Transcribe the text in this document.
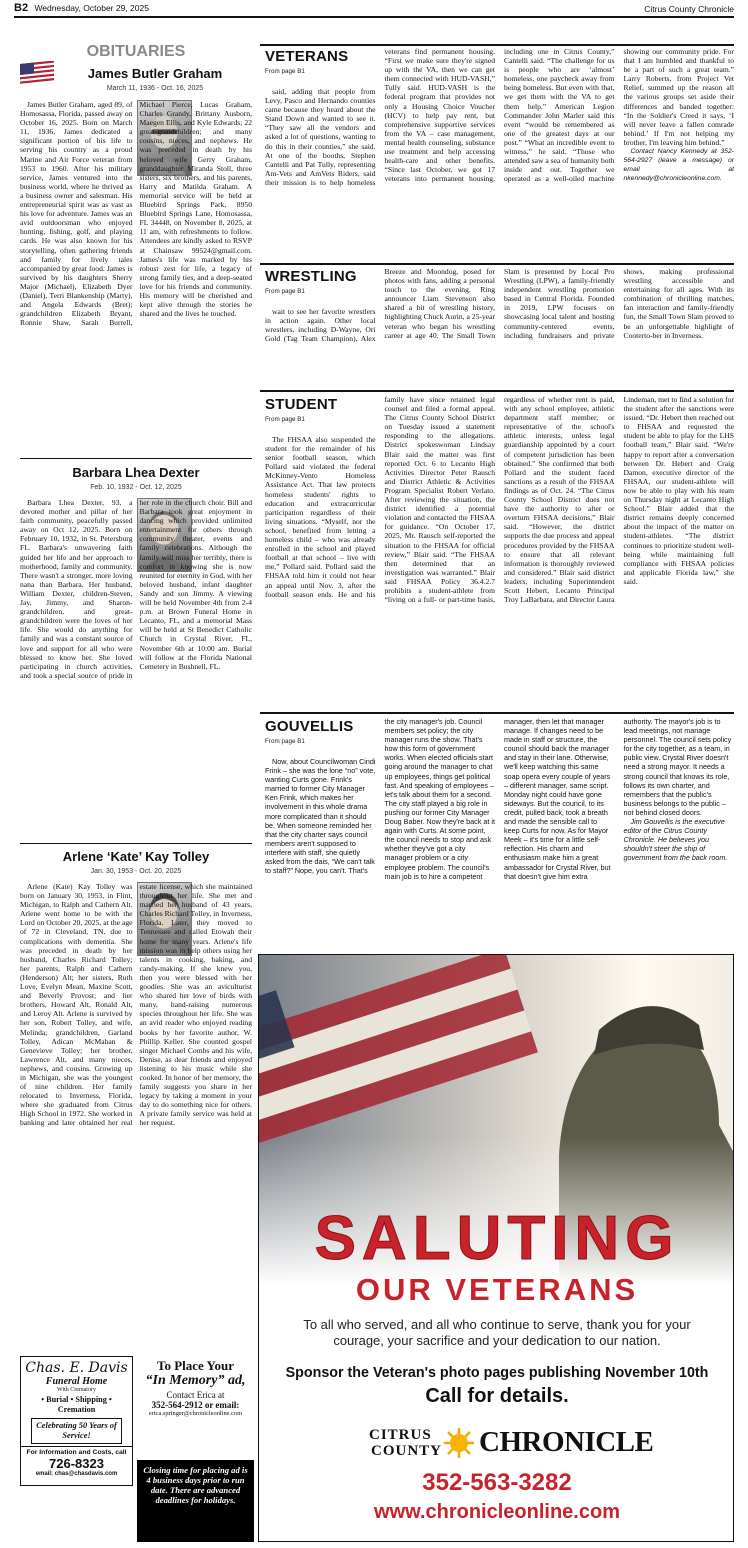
B2 Wednesday, October 29, 2025	Citrus County Chronicle
OBITUARIES
James Butler Graham
March 11, 1936 - Oct. 16, 2025

James Butler Graham, aged 89, of Homosassa, Florida, passed away on October 16, 2025. Born on March 11, 1936, James dedicated a significant portion of his life to serving his country as a proud Marine and Air Force veteran from 1953 to 1960. After his military service, James ventured into the business world, where he thrived as a business owner and salesman. His entrepreneurial spirit was as vast as his love for adventure. James was an avid outdoorsman who enjoyed hunting, fishing, golf, and playing cards. He was also known for his storytelling, often gathering friends and family for lively tales accompanied by great food. James is survived by his daughters Sherry Major (Michael), Elizabeth Dyer (Daniel), Terri Blankenship (Marty), and Angela Edwards (Bret); grandchildren Elizabeth Bryant, Ronnie Shaw, Sarah Burrell, Michael Pierce, Lucas Graham, Charles Grandy, Brittany Ausborn, Maegen Ellis, and Kyle Edwards; 22 great-grandchildren; and many cousins, nieces, and nephews. He was preceded in death by his beloved wife Gerry Graham, granddaughter Miranda Stoll, three sisters, six brothers, and his parents, Harry and Matilda Graham. A memorial service will be held at Bluebird Springs Park, 8950 Bluebird Springs Lane, Homosassa, FL 34448, on November 8, 2025, at 11 am, with refreshments to follow. Attendees are kindly asked to RSVP at Chainsaw 99524@gmail.com. James's life was marked by his robust zest for life, a legacy of strong family ties, and a deep-seated love for his friends and community. His memory will be cherished and kept alive through the stories he shared and the lives he touched.

Barbara Lhea Dexter
Feb. 10, 1932 - Oct. 12, 2025

Barbara Lhea Dexter, 93, a devoted mother and pillar of her faith community, peacefully passed away on Oct 12, 2025. Born on February 10, 1932, in St. Petersburg FL. Barbara's unwavering faith guided her life and her approach to motherhood, family and community. There wasn't a stronger, more loving nana than Barbara. Her husband, William Dexter, children-Steven, Jay, Jimmy, and Sharon-grandchildren, and great-grandchildren were the loves of her life. She would do anything for family and was a constant source of love and support for all who were blessed to know her. She loved participating in church activities, and took a special source of pride in her role in the church choir. Bill and Barbara took great enjoyment in dancing which provided unlimited entertainment for others through community theater, events and family celebrations. Although the family will miss her terribly, there is comfort in knowing she is now reunited for eternity in God, with her beloved husband, infant daughter Sandy and son Jimmy. A viewing will be held November 4th from 2-4 p.m. at Brown Funeral Home in Lecanto, FL, and a memorial Mass will be held at St Benedict Catholic Church in Crystal River, FL, November 6th at 10:00 am. Burial will follow at the Florida National Cemetery in Bushnell, FL.

Arlene ‘Kate’ Kay Tolley
Jan. 30, 1953 - Oct. 20, 2025

Arlene (Kate) Kay Tolley was born on January 30, 1953, in Flint, Michigan, to Ralph and Cathern Alt. Arlene went home to be with the Lord on October 20, 2025, at the age of 72 in Cleveland, TN, due to complications with dementia. She was preceded in death by her husband, Charles Richard Tolley; her parents, Ralph and Cathern (Henderson) Alt; her sisters, Ruth Love, Evelyn Mean, Maxine Scott, and Beverly Provost; and her brothers, Howard Alt, Ronald Alt, and Leroy Alt. Arlene is survived by her son, Robert Tolley, and wife, Melinda; grandchildren, Garland Tolley, Adican McMahan & Genevieve Tolley; her brother, Lawrence Alt, and many nieces, nephews, and cousins. Growing up in Michigan, she was the youngest of nine children. Her family relocated to Inverness, Florida, where she graduated from Citrus High School in 1972. She worked in banking and later obtained her real estate license, which she maintained throughout her life. She met and married her husband of 43 years, Charles Richard Tolley, in Inverness, Florida. Later, they moved to Tennessee and called Etowah their home for many years. Arlene's life mission was to help others using her talents in cooking, baking, and candy-making. If she knew you, then you were blessed with her goodies. She was an aviculturist who shared her love of birds with many, hand-raising numerous species throughout her life. She was an avid reader who enjoyed reading books by her favorite author, W. Phillip Keller. She counted gospel singer Michael Combs and his wife, Denise, as dear friends and enjoyed listening to his music while she cooked. In honor of her memory, the family suggests you share in her legacy by taking a moment in your day to do something nice for others. A private family service was held at her request.

To Place Your
“In Memory” ad,
Contact Erica at
352-564-2912 or email:
erica.springer@chronicleonline.com
Closing time for placing ad is 4 business days prior to run date. There are advanced deadlines for holidays.
Chas. E. Davis
Funeral Home
With Crematory
• Burial • Shipping • Cremation
Celebrating 50 Years of Service!
For Information and Costs, call
726-8323
email: chas@chasdavis.com
VETERANS
From page B1

said, adding that people from Levy, Pasco and Hernando counties came because they heard about the Stand Down and wanted to see it. “They saw all the vendors and asked a lot of questions, wanting to do this in their counties,” she said. At one of the booths, Stephen Cantelli and Pat Tully, representing Am-Vets and AmVets Riders, said their mission is to help homeless veterans find permanent housing. “First we make sure they're signed up with the VA, then we can get them connected with HUD-VASH,” Tully said. HUD-VASH is the federal program that provides not only a Housing Choice Voucher (HCV) to help pay rent, but comprehensive supportive services from the VA – case management, mental health counseling, substance use treatment and help accessing health-care and other benefits. “Since last October, we got 17 veterans into permanent housing, including one in Citrus County,” Cantelli said. “The challenge for us is people who are ‘almost’ homeless, one paycheck away from being homeless. But even with that, we get them with the VA to get them help.” American Legion Commander John Marler said this event “would be remembered as one of the greatest days at our post.” “What an incredible event to witness,” he said. “Those who attended saw a sea of humanity both inside and out. Together we operated as a well-oiled machine showing our community pride. For that I am humbled and thankful to be a part of such a great team.” Larry Roberts, from Project Vet Relief, summed up the reason all the various groups set aside their differences and banded together: “In the Soldier's Creed it says, ‘I will never leave a fallen comrade behind.’ If I'm not helping my brother, I'm leaving him behind.”

Contact Nancy Kennedy at 352-564-2927 (leave a message) or email at nkennedy@chronicleonline.com.

WRESTLING
From page B1

wait to see her favorite wrestlers in action again. Other local wrestlers, including D-Wayne, Ori Gold (Tag Team Champion), Alex Breeze and Moondog, posed for photos with fans, adding a personal touch to the evening. Ring announcer Liam Stevenson also shared a bit of wrestling history, highlighting Chuck Aurin, a 25-year veteran who began his wrestling career at age 40. The Small Town Slam is presented by Local Pro Wrestling (LPW), a family-friendly independent wrestling promotion based in Central Florida. Founded in 2019, LPW focuses on showcasing local talent and hosting community-centered events, including fundraisers and private shows, making professional wrestling accessible and entertaining for all ages. With its combination of thrilling matches, fan interaction and family-friendly fun, the Small Town Slam proved to be an unforgettable highlight of Cooterto-ber in Inverness.

STUDENT
From page B1

The FHSAA also suspended the student for the remainder of his senior football season, which Pollard said violated the federal McKinney-Vento Homeless Assistance Act. That law protects homeless students' rights to education and extracurricular participation regardless of their living situations. “Myself, nor the school, benefited from letting a homeless child – who was already enrolled in the school and played football at that school – live with me,” Pollard said. Pollard said the FHSAA told him it could not hear an appeal until Nov. 3, after the football season ends. He and his family have since retained legal counsel and filed a formal appeal. The Citrus County School District on Tuesday issued a statement responding to the allegations. District spokeswoman Lindsay Blair said the matter was first reported Oct. 6 to Lecanto High Activities Director Peter Rausch and District Athletic & Activities Program Specialist Robert Verlato. After reviewing the situation, the district identified a potential violation and contacted the FHSAA for guidance. “On October 17, 2025, Mr. Rausch self-reported the situation to the FHSAA for official review,” Blair said. “The FHSAA then determined that an investigation was warranted.” Blair said FHSAA Policy 36.4.2.7 prohibits a student-athlete from “living on a full- or part-time basis, regardless of whether rent is paid, with any school employee, athletic department staff member, or representative of the school's athletic interests, unless legal guardianship appointed by a court of competent jurisdiction has been obtained.” She confirmed that both Pollard and the student faced sanctions as a result of the FHSAA findings as of Oct. 24. “The Citrus County School District does not have the authority to alter or overturn FHSAA decisions,” Blair said. “However, the district supports the due process and appeal procedures provided by the FHSAA to ensure that all relevant information is thoroughly reviewed and considered.” Blair said district leaders, including Superintendent Scott Hebert, Lecanto Principal Troy LaBarbara, and Director Laura Lindeman, met to find a solution for the student after the sanctions were issued. “Dr. Hebert then reached out to FHSAA and requested the student be able to play for the LHS football team,” Blair said. “We're happy to report after a conversation between Dr. Hebert and Craig Damon, executive director of the FHSAA, our student-athlete will now be able to play with his team on Thursday night at Lecanto High School.” Blair added that the district remains deeply concerned about the impact of the matter on student-athletes. “The district continues to prioritize student well-being while maintaining full compliance with FHSAA policies and applicable Florida law,” she said.

GOUVELLIS
From page B1

Now, about Councilwoman Cindi Frink – she was the lone “no” vote, wanting Curts gone. Frink's married to former City Manager Ken Frink, which makes her involvement in this whole drama more complicated than it should be. When someone reminded her that the city charter says council members aren't supposed to interfere with staff, she quietly asked from the dais, “We can't talk to staff?” Nope, you can't. That's the city manager's job. Council members set policy; the city manager runs the show. That's how this form of government works. When elected officials start going around the manager to chat up employees, things get political fast. And speaking of employees – let's talk about them for a second. The city staff played a big role in pushing our former City Manager Doug Baber. Now they're back at it again with Curts. At some point, the council needs to stop and ask whether they've got a city manager problem or a city employee problem. The council's main job is to hire a competent manager, then let that manager manage. If changes need to be made in staff or structure, the council should back the manager and stay in their lane. Otherwise, we'll keep watching this same soap opera every couple of years – different manager, same script. Monday night could have gone sideways. But the council, to its credit, pulled back, took a breath and made the sensible call to keep Curts for now. As for Mayor Meek – it's time for a little self-reflection. His charm and enthusiasm make him a great ambassador for Crystal River, but that doesn't give him extra authority. The mayor's job is to lead meetings, not manage personnel. The council sets policy for the city together, as a team, in public view. Crystal River doesn't need a strong mayor. It needs a strong council that knows its role, follows its own charter, and remembers that the public's business belongs to the public – not behind closed doors.

Jim Gouvellis is the executive editor of the Citrus County Chronicle. He believes you shouldn't steer the ship of government from the back room.

SALUTING
OUR VETERANS
To all who served, and all who continue to serve, thank you for your courage, your sacrifice and your dedication to our nation.
Sponsor the Veteran's photo pages publishing November 10th
Call for details.
CITRUS
COUNTY CHRONICLE
352-563-3282
www.chronicleonline.com
